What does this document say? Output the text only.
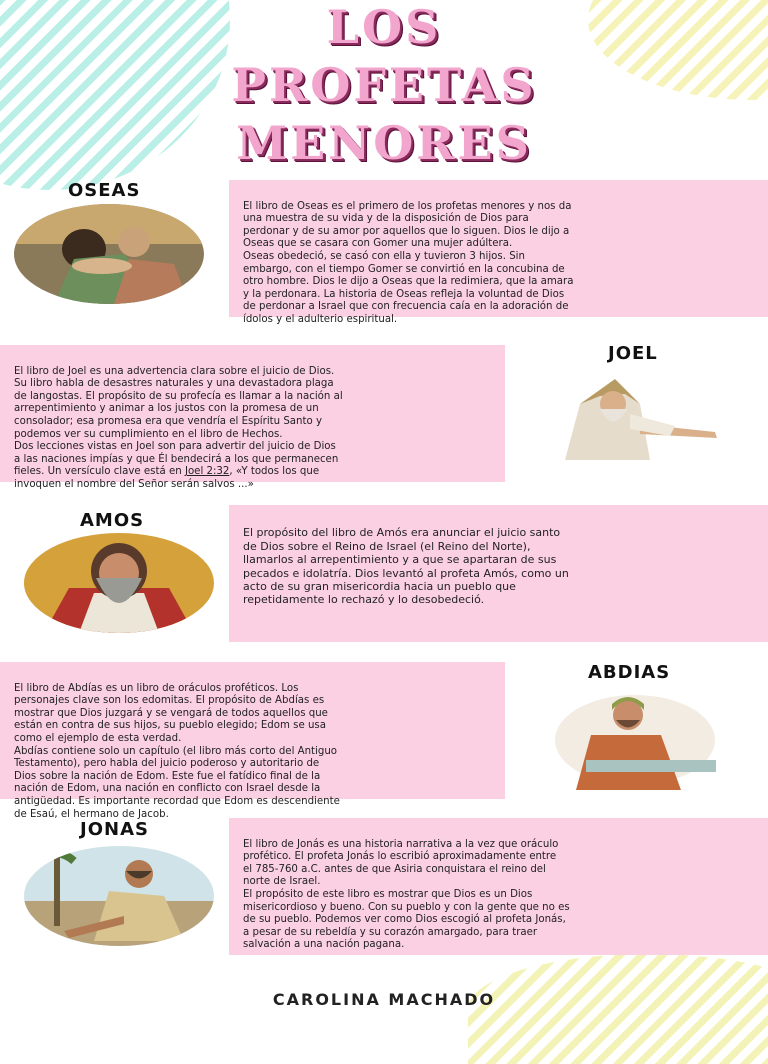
LOS
PROFETAS
MENORES
OSEAS

El libro de Oseas es el primero de los profetas menores y nos da
una muestra de su vida y de la disposición de Dios para
perdonar y de su amor por aquellos que lo siguen. Dios le dijo a
Oseas que se casara con Gomer una mujer adúltera.
Oseas obedeció, se casó con ella y tuvieron 3 hijos. Sin
embargo, con el tiempo Gomer se convirtió en la concubina de
otro hombre. Dios le dijo a Oseas que la redimiera, que la amara
y la perdonara. La historia de Oseas refleja la voluntad de Dios
de perdonar a Israel que con frecuencia caía en la adoración de
ídolos y el adulterio espiritual.

El libro de Joel es una advertencia clara sobre el juicio de Dios.
Su libro habla de desastres naturales y una devastadora plaga
de langostas. El propósito de su profecía es llamar a la nación al
arrepentimiento y animar a los justos con la promesa de un
consolador; esa promesa era que vendría el Espíritu Santo y
podemos ver su cumplimiento en el libro de Hechos.
Dos lecciones vistas en Joel son para advertir del juicio de Dios
a las naciones impías y que Él bendecirá a los que permanecen
fieles. Un versículo clave está en Joel 2:32, «Y todos los que
invoquen el nombre del Señor serán salvos ...»

JOEL
AMOS

El propósito del libro de Amós era anunciar el juicio santo
de Dios sobre el Reino de Israel (el Reino del Norte),
llamarlos al arrepentimiento y a que se apartaran de sus
pecados e idolatría. Dios levantó al profeta Amós, como un
acto de su gran misericordia hacia un pueblo que
repetidamente lo rechazó y lo desobedeció.

El libro de Abdías es un libro de oráculos proféticos. Los
personajes clave son los edomitas. El propósito de Abdías es
mostrar que Dios juzgará y se vengará de todos aquellos que
están en contra de sus hijos, su pueblo elegido; Edom se usa
como el ejemplo de esta verdad.
Abdías contiene solo un capítulo (el libro más corto del Antiguo
Testamento), pero habla del juicio poderoso y autoritario de
Dios sobre la nación de Edom. Este fue el fatídico final de la
nación de Edom, una nación en conflicto con Israel desde la
antigüedad. Es importante recordad que Edom es descendiente
de Esaú, el hermano de Jacob.

ABDIAS
JONAS

El libro de Jonás es una historia narrativa a la vez que oráculo
profético. El profeta Jonás lo escribió aproximadamente entre
el 785-760 a.C. antes de que Asiria conquistara el reino del
norte de Israel.
El propósito de este libro es mostrar que Dios es un Dios
misericordioso y bueno. Con su pueblo y con la gente que no es
de su pueblo. Podemos ver como Dios escogió al profeta Jonás,
a pesar de su rebeldía y su corazón amargado, para traer
salvación a una nación pagana.

CAROLINA MACHADO
